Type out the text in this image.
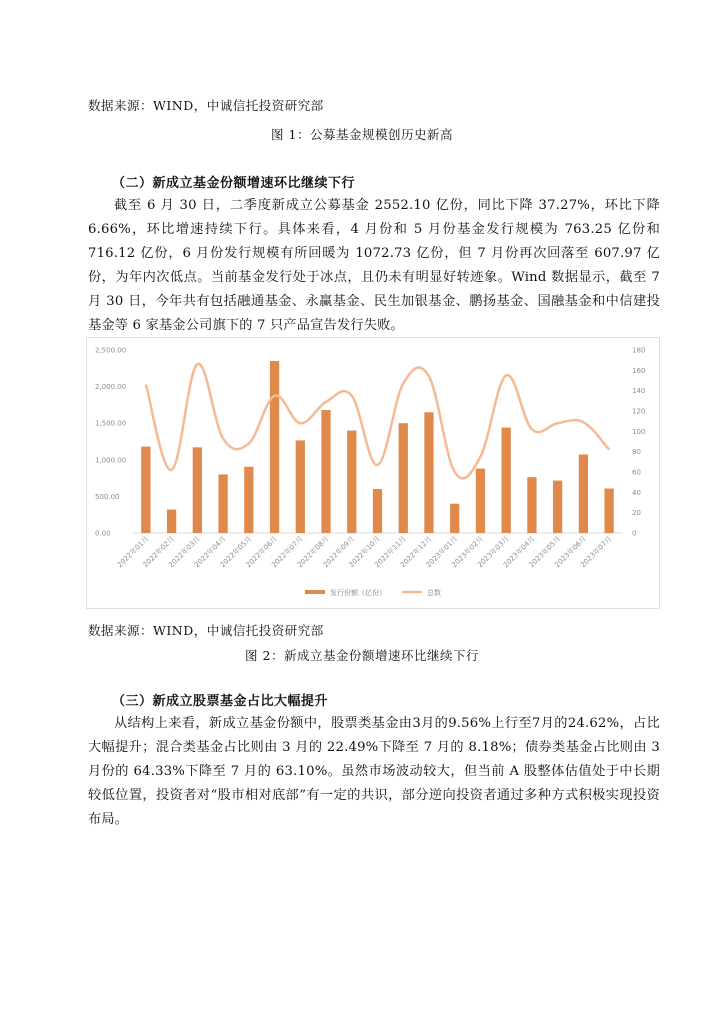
数据来源：WIND，中诚信托投资研究部
图 1：公募基金规模创历史新高
（二）新成立基金份额增速环比继续下行
截至 6 月 30 日，二季度新成立公募基金 2552.10 亿份，同比下降 37.27%，环比下降 6.66%，环比增速持续下行。具体来看，4 月份和 5 月份基金发行规模为 763.25 亿份和 716.12 亿份，6 月份发行规模有所回暖为 1072.73 亿份，但 7 月份再次回落至 607.97 亿份，为年内次低点。当前基金发行处于冰点，且仍未有明显好转迹象。Wind 数据显示，截至 7 月 30 日，今年共有包括融通基金、永赢基金、民生加银基金、鹏扬基金、国融基金和中信建投基金等 6 家基金公司旗下的 7 只产品宣告发行失败。
0.00
500.00
1,000.00
1,500.00
2,000.00
2,500.00
0
20
40
60
80
100
120
140
160
180
2022年01月
2022年02月
2022年03月
2022年04月
2022年05月
2022年06月
2022年07月
2022年08月
2022年09月
2022年10月
2022年11月
2022年12月
2023年01月
2023年02月
2023年03月
2023年04月
2023年05月
2023年06月
2023年07月
发行份额（亿份）	总数
数据来源：WIND，中诚信托投资研究部
图 2：新成立基金份额增速环比继续下行
（三）新成立股票基金占比大幅提升
从结构上来看，新成立基金份额中，股票类基金由3月的9.56%上行至7月的24.62%，占比大幅提升；混合类基金占比则由 3 月的 22.49%下降至 7 月的 8.18%；债券类基金占比则由 3 月份的 64.33%下降至 7 月的 63.10%。虽然市场波动较大，但当前 A 股整体估值处于中长期较低位置，投资者对“股市相对底部”有一定的共识，部分逆向投资者通过多种方式积极实现投资布局。
